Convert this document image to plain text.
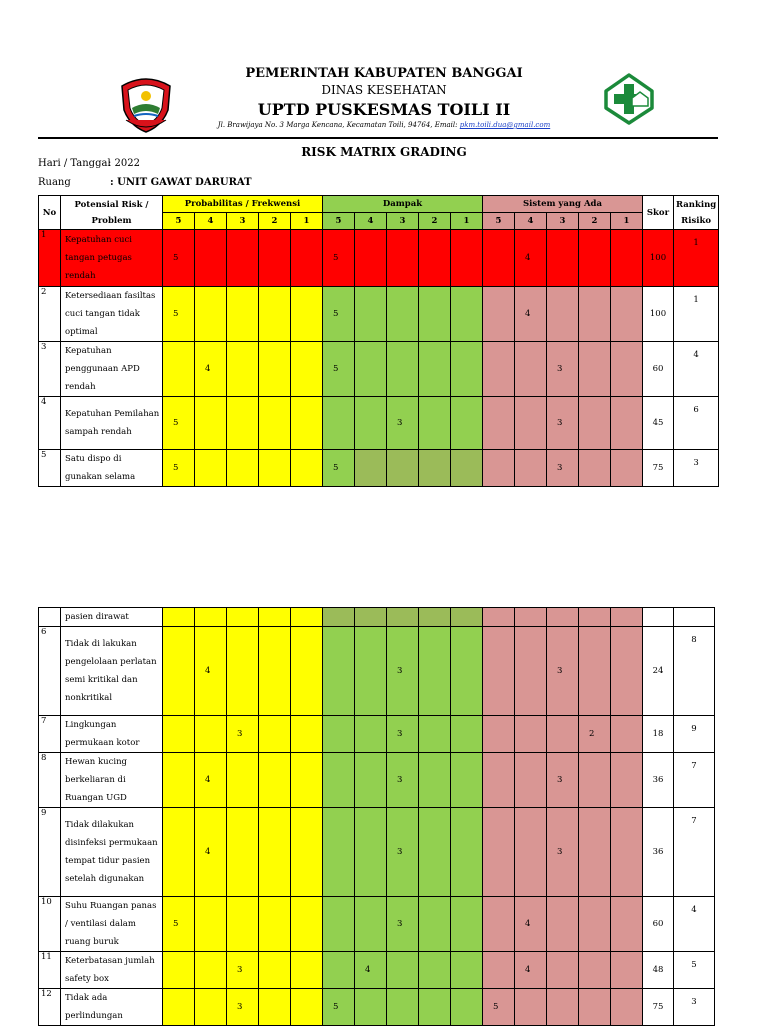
PEMERINTAH KABUPATEN BANGGAI
DINAS KESEHATAN
UPTD PUSKESMAS TOILI II
Jl. Brawijaya No. 3 Marga Kencana, Kecamatan Toili, 94764, Email: pkm.toili.dua@gmail.com
RISK MATRIX GRADING
Hari / Tanggal
: 2022
Ruang	: UNIT GAWAT DARURAT
No	Potensial Risk / Problem	Probabilitas / Frekwensi					Dampak					Sistem yang Ada					Skor	Ranking Risiko
		5	4	3	2	1	5	4	3	2	1	5	4	3	2	1		
1	Kepatuhan cuci tangan petugas rendah	5					5						4				100	1
2	Ketersediaan fasiltas cuci tangan tidak optimal	5					5						4				100	1
3	Kepatuhan penggunaan APD rendah		4				5							3			60	4
4	Kepatuhan Pemilahan sampah rendah	5							3					3			45	6
5	Satu dispo di gunakan selama	5					5							3			75	3
	pasien dirawat																	
6	Tidak di lakukan pengelolaan perlatan semi kritikal dan nonkritikal		4						3					3			24	8
7	Lingkungan permukaan kotor			3					3						2		18	9
8	Hewan kucing berkeliaran di Ruangan UGD		4						3					3			36	7
9	Tidak dilakukan disinfeksi permukaan tempat tidur pasien setelah digunakan		4						3					3			36	7
10	Suhu Ruangan panas / ventilasi dalam ruang buruk	5							3				4				60	4
11	Keterbatasan jumlah safety box			3				4					4				48	5
12	Tidak ada perlindungan			3			5					5					75	3
